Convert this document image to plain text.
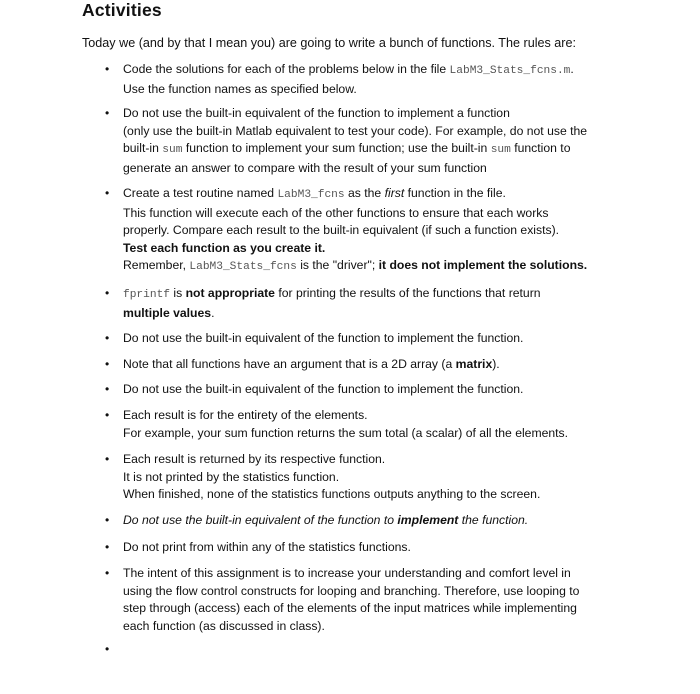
Activities
Today we (and by that I mean you) are going to write a bunch of functions. The rules are:
• Code the solutions for each of the problems below in the file LabM3_Stats_fcns.m.
Use the function names as specified below.
• Do not use the built-in equivalent of the function to implement a function
(only use the built-in Matlab equivalent to test your code). For example, do not use the
built-in sum function to implement your sum function; use the built-in sum function to
generate an answer to compare with the result of your sum function
• Create a test routine named LabM3_fcns as the first function in the file.
This function will execute each of the other functions to ensure that each works
properly. Compare each result to the built-in equivalent (if such a function exists).
Test each function as you create it.
Remember, LabM3_Stats_fcns is the "driver"; it does not implement the solutions.
• fprintf is not appropriate for printing the results of the functions that return
multiple values.
• Do not use the built-in equivalent of the function to implement the function.
• Note that all functions have an argument that is a 2D array (a matrix).
• Do not use the built-in equivalent of the function to implement the function.
• Each result is for the entirety of the elements.
For example, your sum function returns the sum total (a scalar) of all the elements.
• Each result is returned by its respective function.
It is not printed by the statistics function.
When finished, none of the statistics functions outputs anything to the screen.
• Do not use the built-in equivalent of the function to implement the function.
• Do not print from within any of the statistics functions.
• The intent of this assignment is to increase your understanding and comfort level in
using the flow control constructs for looping and branching. Therefore, use looping to
step through (access) each of the elements of the input matrices while implementing
each function (as discussed in class).
•
